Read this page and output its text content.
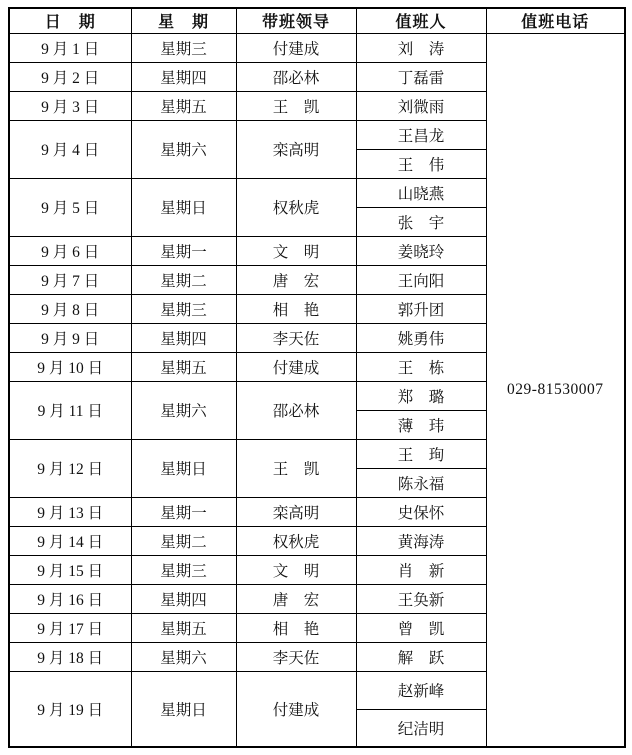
日　期	星　期	带班领导	值班人	值班电话
9 月 1 日	星期三	付建成	刘　涛	029-81530007
9 月 2 日	星期四	邵必林	丁磊雷	
9 月 3 日	星期五	王　凯	刘微雨	
9 月 4 日	星期六	栾高明	王昌龙	
			王　伟	
9 月 5 日	星期日	权秋虎	山晓燕	
			张　宇	
9 月 6 日	星期一	文　明	姜晓玲	
9 月 7 日	星期二	唐　宏	王向阳	
9 月 8 日	星期三	相　艳	郭升团	
9 月 9 日	星期四	李天佐	姚勇伟	
9 月 10 日	星期五	付建成	王　栋	
9 月 11 日	星期六	邵必林	郑　璐	
			薄　玮	
9 月 12 日	星期日	王　凯	王　珣	
			陈永福	
9 月 13 日	星期一	栾高明	史保怀	
9 月 14 日	星期二	权秋虎	黄海涛	
9 月 15 日	星期三	文　明	肖　新	
9 月 16 日	星期四	唐　宏	王奂新	
9 月 17 日	星期五	相　艳	曾　凯	
9 月 18 日	星期六	李天佐	解　跃	
9 月 19 日	星期日	付建成	赵新峰	
			纪洁明	
